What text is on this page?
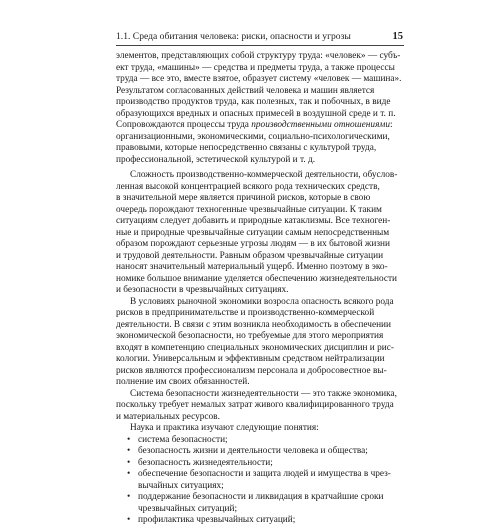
1.1. Среда обитания человека: риски, опасности и угрозы	15
элементов, представляющих собой структуру труда: «человек» — субъ-
ект труда, «машины» — средства и предметы труда, а также процессы
труда — все это, вместе взятое, образует систему «человек — машина».
Результатом согласованных действий человека и машин является
производство продуктов труда, как полезных, так и побочных, в виде
образующихся вредных и опасных примесей в воздушной среде и т. п.
Сопровождаются процессы труда производственными отношениями:
организационными, экономическими, социально-психологическими,
правовыми, которые непосредственно связаны с культурой труда,
профессиональной, эстетической культурой и т. д.
Сложность производственно-коммерческой деятельности, обуслов-
ленная высокой концентрацией всякого рода технических средств,
в значительной мере является причиной рисков, которые в свою
очередь порождают техногенные чрезвычайные ситуации. К таким
ситуациям следует добавить и природные катаклизмы. Все техноген-
ные и природные чрезвычайные ситуации самым непосредственным
образом порождают серьезные угрозы людям — в их бытовой жизни
и трудовой деятельности. Равным образом чрезвычайные ситуации
наносят значительный материальный ущерб. Именно поэтому в эко-
номике большое внимание уделяется обеспечению жизнедеятельности
и безопасности в чрезвычайных ситуациях.
В условиях рыночной экономики возросла опасность всякого рода
рисков в предпринимательстве и производственно-коммерческой
деятельности. В связи с этим возникла необходимость в обеспечении
экономической безопасности, но требуемые для этого мероприятия
входят в компетенцию специальных экономических дисциплин и рис-
кологии. Универсальным и эффективным средством нейтрализации
рисков являются профессионализм персонала и добросовестное вы-
полнение им своих обязанностей.
Система безопасности жизнедеятельности — это также экономика,
поскольку требует немалых затрат живого квалифицированного труда
и материальных ресурсов.
Наука и практика изучают следующие понятия:
• система безопасности;
• безопасность жизни и деятельности человека и общества;
• безопасность жизнедеятельности;
• обеспечение безопасности и защита людей и имущества в чрез-
вычайных ситуациях;
• поддержание безопасности и ликвидация в кратчайшие сроки
чрезвычайных ситуаций;
• профилактика чрезвычайных ситуаций;
